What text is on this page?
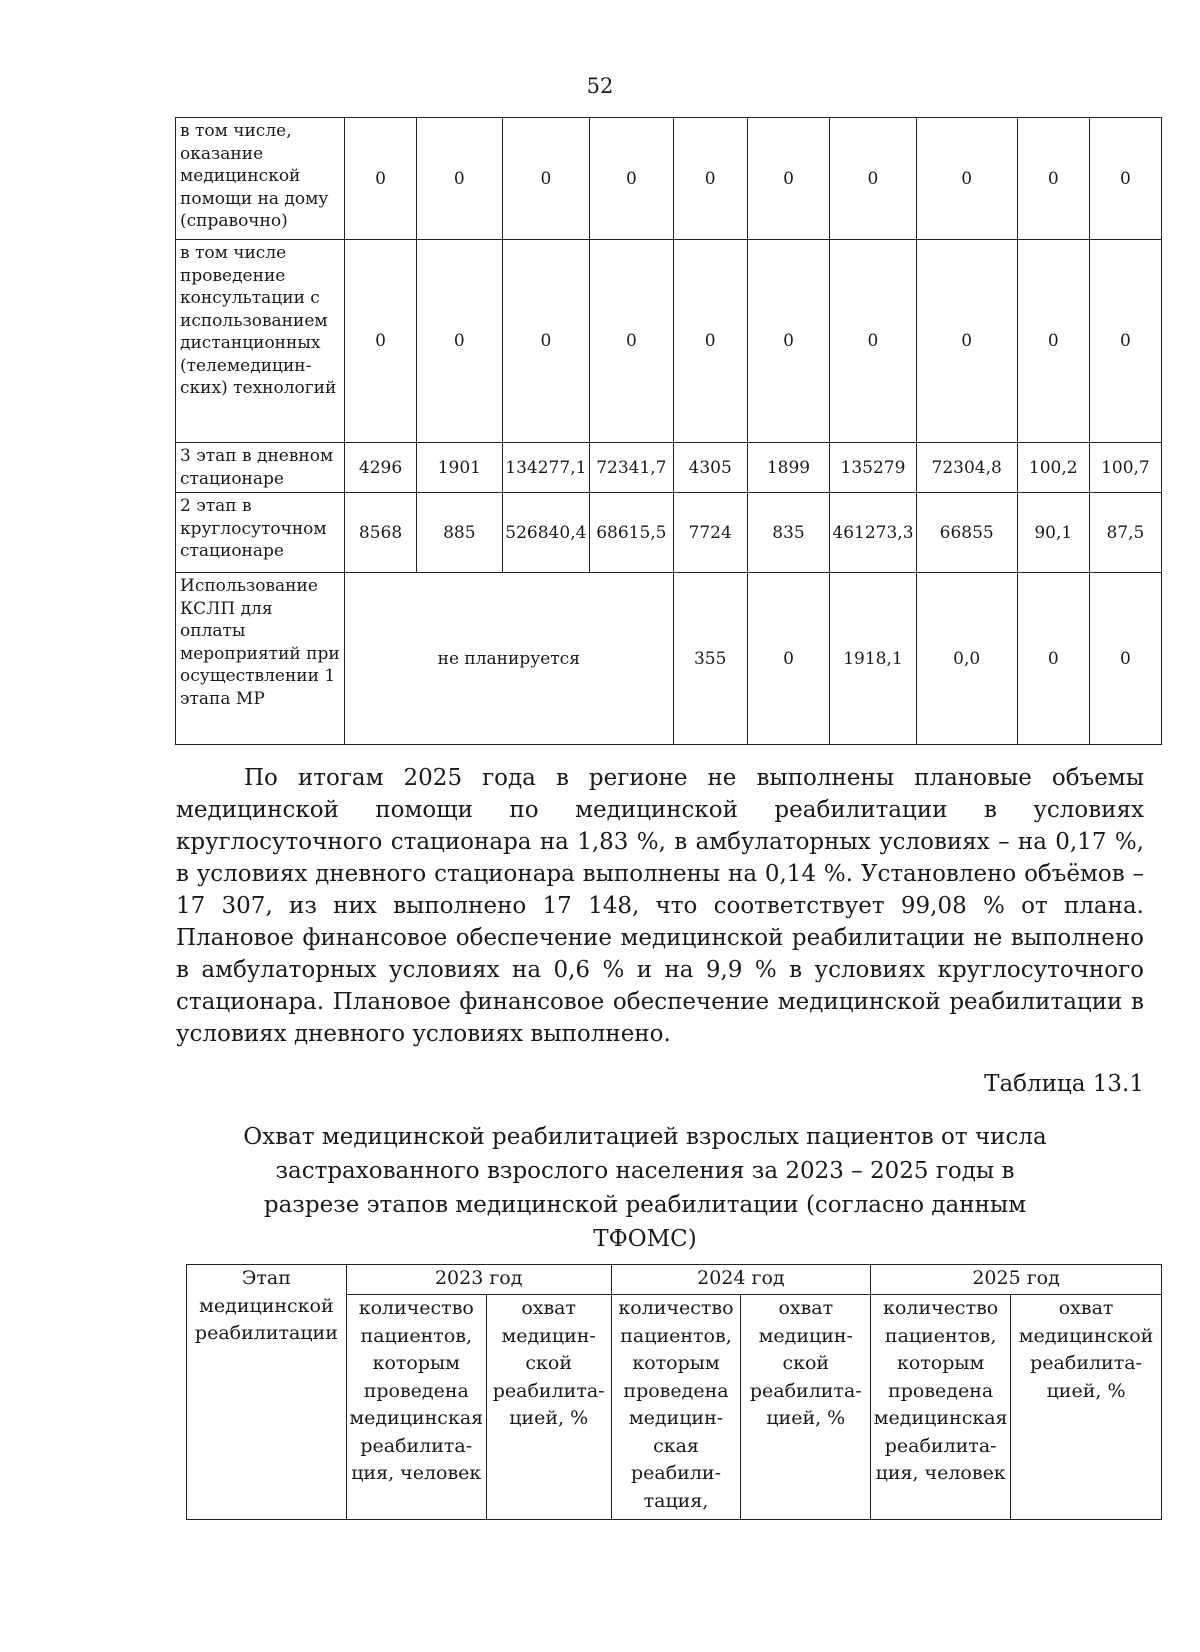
52
в том числе, оказание медицинской помощи на дому (справочно)	0	0	0	0	0	0	0	0	0	0
в том числе проведение консультации с использованием дистанционных (телемедицин-ских) технологий	0	0	0	0	0	0	0	0	0	0
3 этап в дневном стационаре	4296	1901	134277,1	72341,7	4305	1899	135279	72304,8	100,2	100,7
2 этап в круглосуточном стационаре	8568	885	526840,4	68615,5	7724	835	461273,3	66855	90,1	87,5
Использование КСЛП для оплаты мероприятий при осуществлении 1 этапа МР	не планируется				355	0	1918,1	0,0	0	0

По итогам 2025 года в регионе не выполнены плановые объемы медицинской помощи по медицинской реабилитации в условиях круглосуточного стационара на 1,83 %, в амбулаторных условиях – на 0,17 %, в условиях дневного стационара выполнены на 0,14 %. Установлено объёмов – 17 307, из них выполнено 17 148, что соответствует 99,08 % от плана. Плановое финансовое обеспечение медицинской реабилитации не выполнено в амбулаторных условиях на 0,6 % и на 9,9 % в условиях круглосуточного стационара. Плановое финансовое обеспечение медицинской реабилитации в условиях дневного условиях выполнено.

Таблица 13.1
Охват медицинской реабилитацией взрослых пациентов от числа застрахованного взрослого населения за 2023 – 2025 годы в разрезе этапов медицинской реабилитации (согласно данным ТФОМС)
Этап медицинской реабилитации	2023 год		2024 год		2025 год	
	количество пациентов, которым проведена медицинская реабилита-ция, человек	охват медицин-ской реабилита-цией, %	количество пациентов, которым проведена медицин-ская реабили-тация,	охват медицин-ской реабилита-цией, %	количество пациентов, которым проведена медицинская реабилита-ция, человек	охват медицинской реабилита-цией, %
